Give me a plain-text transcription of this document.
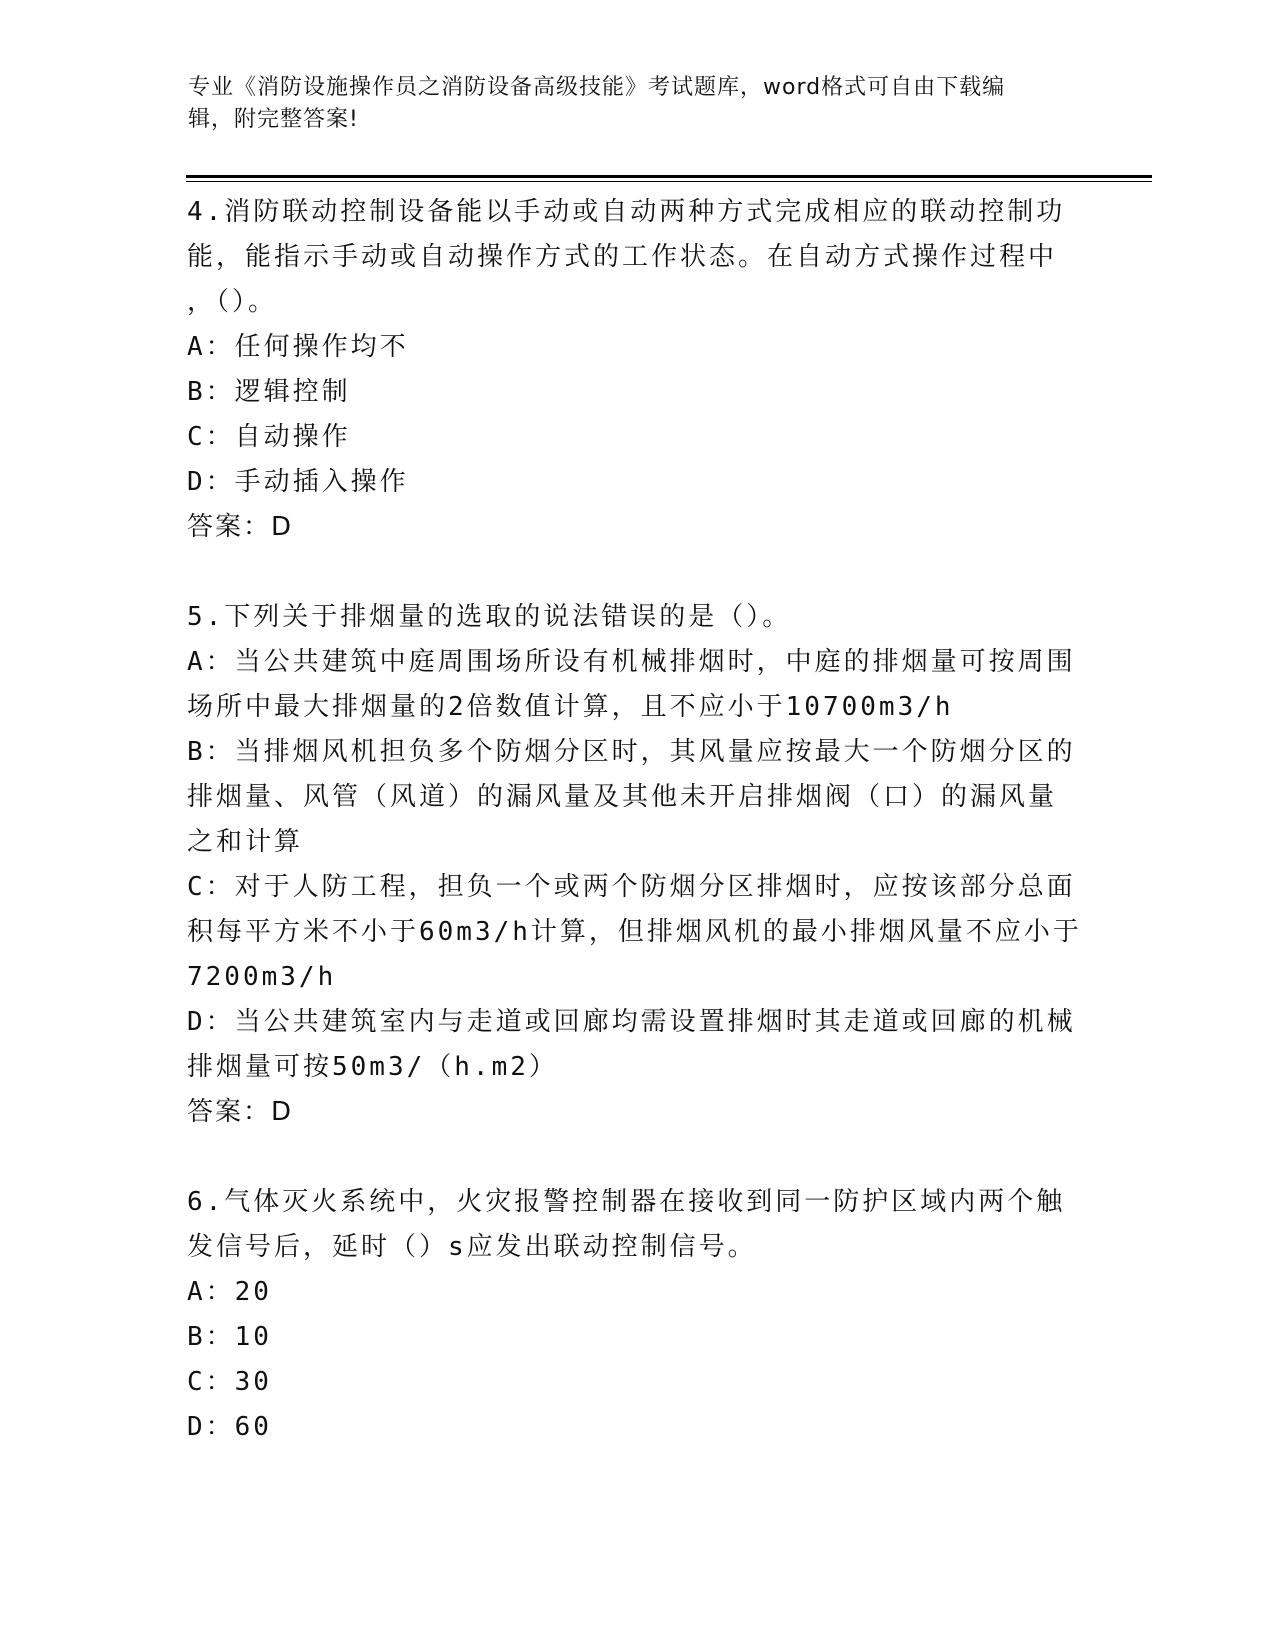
专业《消防设施操作员之消防设备高级技能》考试题库，word格式可自由下载编
辑，附完整答案!
4.消防联动控制设备能以手动或自动两种方式完成相应的联动控制功
能，能指示手动或自动操作方式的工作状态。在自动方式操作过程中
，（）。
A：任何操作均不
B：逻辑控制
C：自动操作
D：手动插入操作
答案：D
5.下列关于排烟量的选取的说法错误的是（）。
A：当公共建筑中庭周围场所设有机械排烟时，中庭的排烟量可按周围
场所中最大排烟量的2倍数值计算，且不应小于10700m3/h
B：当排烟风机担负多个防烟分区时，其风量应按最大一个防烟分区的
排烟量、风管（风道）的漏风量及其他未开启排烟阀（口）的漏风量
之和计算
C：对于人防工程，担负一个或两个防烟分区排烟时，应按该部分总面
积每平方米不小于60m3/h计算，但排烟风机的最小排烟风量不应小于
7200m3/h
D：当公共建筑室内与走道或回廊均需设置排烟时其走道或回廊的机械
排烟量可按50m3/（h.m2）
答案：D
6.气体灭火系统中，火灾报警控制器在接收到同一防护区域内两个触
发信号后，延时（）s应发出联动控制信号。
A：20
B：10
C：30
D：60
